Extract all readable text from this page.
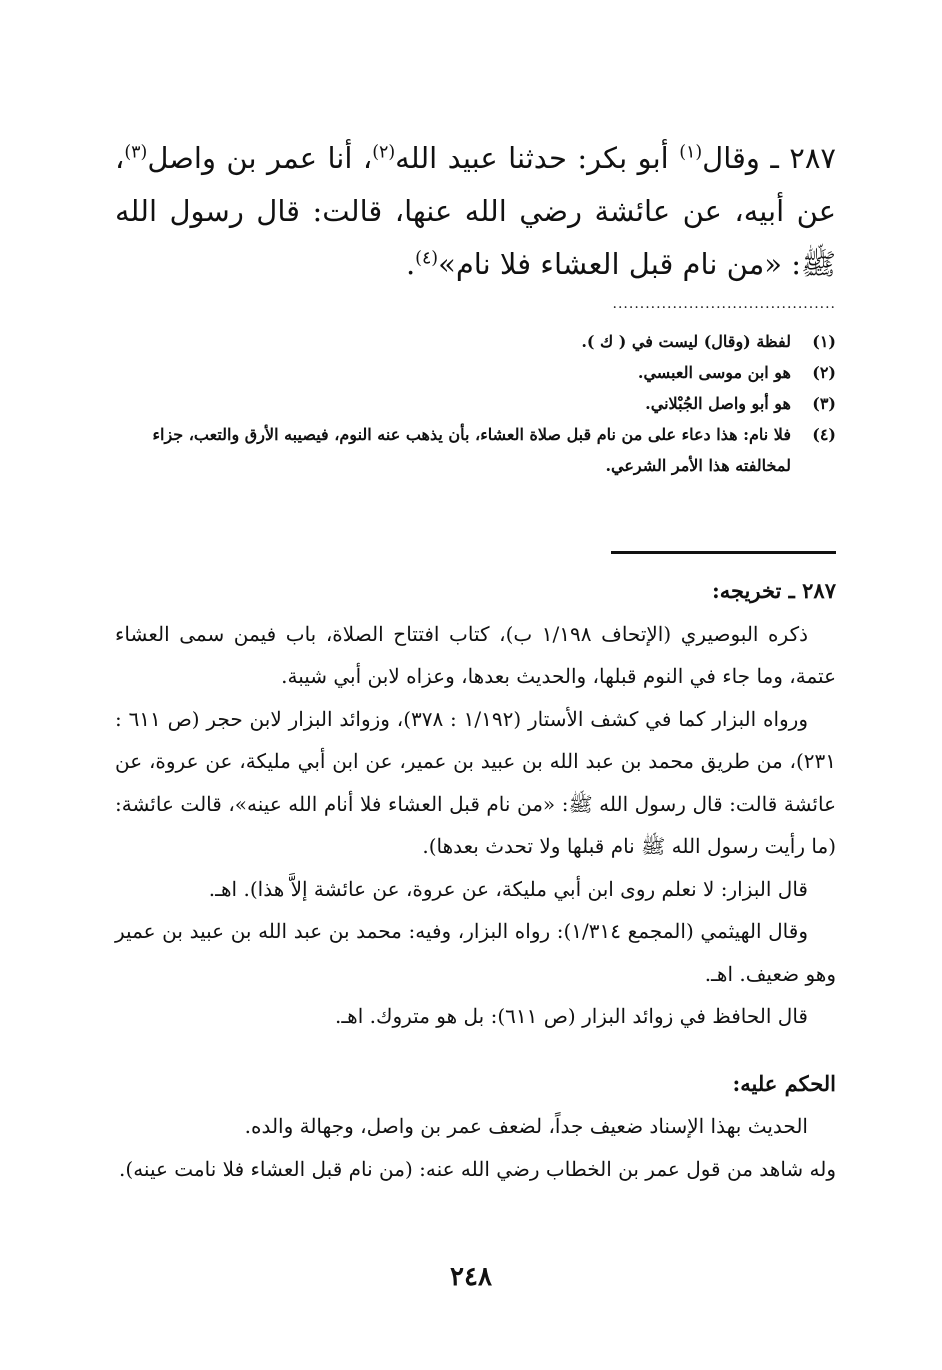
٢٨٧ ـ وقال$^{(١)}$ أبو بكر: حدثنا عبيد الله$^{(٢)}$، أنا عمر بن واصل$^{(٣)}$، عن أبيه، عن عائشة رضي الله عنها، قالت: قال رسول الله ﷺ: «من نام قبل العشاء فلا نام»$^{(٤)}$.
.........................................
(١)
لفظة (وقال) ليست في ( ك ).
(٢)
هو ابن موسى العبسي.
(٣)
هو أبو واصل الجُبْلاني.
(٤)
فلا نام: هذا دعاء على من نام قبل صلاة العشاء، بأن يذهب عنه النوم، فيصيبه الأرق والتعب، جزاء لمخالفته هذا الأمر الشرعي.
٢٨٧ ـ تخريجه:

ذكره البوصيري (الإتحاف ١/١٩٨ ب)، كتاب افتتاح الصلاة، باب فيمن سمى العشاء عتمة، وما جاء في النوم قبلها، والحديث بعدها، وعزاه لابن أبي شيبة.

ورواه البزار كما في كشف الأستار (١/١٩٢ : ٣٧٨)، وزوائد البزار لابن حجر (ص ٦١١ : ٢٣١)، من طريق محمد بن عبد الله بن عبيد بن عمير، عن ابن أبي مليكة، عن عروة، عن عائشة قالت: قال رسول الله ﷺ: «من نام قبل العشاء فلا أنام الله عينه»، قالت عائشة: (ما رأيت رسول الله ﷺ نام قبلها ولا تحدث بعدها).

قال البزار: لا نعلم روى ابن أبي مليكة، عن عروة، عن عائشة إلاَّ هذا). اهـ.

وقال الهيثمي (المجمع ١/٣١٤): رواه البزار، وفيه: محمد بن عبد الله بن عبيد بن عمير وهو ضعيف. اهـ.

قال الحافظ في زوائد البزار (ص ٦١١): بل هو متروك. اهـ.

الحكم عليه:

الحديث بهذا الإسناد ضعيف جداً، لضعف عمر بن واصل، وجهالة والده.

وله شاهد من قول عمر بن الخطاب رضي الله عنه: (من نام قبل العشاء فلا نامت عينه).

٢٤٨
